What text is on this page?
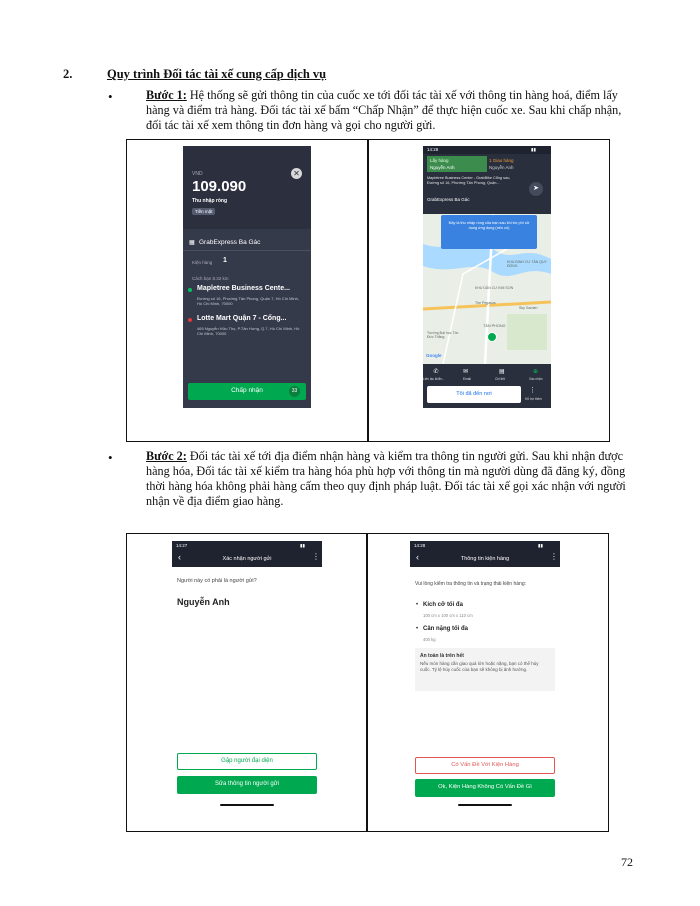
2.	Quy trình Đối tác tài xế cung cấp dịch vụ
•	Bước 1: Hệ thống sẽ gửi thông tin của cuốc xe tới đối tác tài xế với thông tin hàng hoá, điểm lấy
hàng và điểm trả hàng. Đối tác tài xế bấm “Chấp Nhận” để thực hiện cuốc xe. Sau khi chấp nhận,
đối tác tài xế xem thông tin đơn hàng và gọi cho người gửi.
VND
109.090
Thu nhập ròng
Tiền mặt
✕
▦ GrabExpress Ba Gác
Kiện hàng 1
Cách bạn 8.32 km
Mapletree Business Cente...
Đường số 16, Phường Tân Phong, Quận 7, Hồ Chí Minh, Hồ Chí Minh, 70000
Lotte Mart Quận 7 - Cổng...
469 Nguyễn Hữu Thọ, P.Tân Hưng, Q.7, Hồ Chí Minh, Hồ Chí Minh, 70000
Chấp nhận	33
14:28	▮▮
Lấy hàng
Nguyễn Anh
1 Giao hàng
Nguyễn Anh
Mapletree Business Center - GrabBike Cổng sau, Đường số 16, Phường Tân Phong, Quận...
GrabExpress Ba Gác
➤
Đây là thu nhập ròng của bạn sau khi trừ phí sử dụng ứng dụng (nếu có)
KHU ĐỊNH CƯ TÂN QUY ĐÔNG
KHU DÂN CƯ KIM SƠN
TÂN PHONG
The Pegasus
Trường Đại học Tôn Đức Thắng
Sky Garden
Google
✆
Liên lạc khẩn...
✉
Email
▤
Chi tiết
⊕
Xác nhận
Tôi đã đến nơi	⋮
Hỗ trợ thêm
•	Bước 2: Đối tác tài xế tới địa điểm nhận hàng và kiểm tra thông tin người gửi. Sau khi nhận được
hàng hóa, Đối tác tài xế kiểm tra hàng hóa phù hợp với thông tin mà người dùng đã đăng ký, đồng
thời hàng hóa không phải hàng cấm theo quy định pháp luật. Đối tác tài xế gọi xác nhận với người
nhận về địa điểm giao hàng.
14:27	▮▮
‹	Xác nhận người gửi	⋮
Người này có phải là người gửi?
Nguyễn Anh
Gặp người đại diện
Sửa thông tin người gửi
14:28	▮▮
‹	Thông tin kiện hàng	⋮
Vui lòng kiểm tra thông tin và trạng thái kiện hàng:
• Kích cỡ tối đa
100 cm x 100 cm x 110 cm
• Cân nặng tối đa
400 kg
An toàn là trên hết
Nếu món hàng cần giao quá lớn hoặc nặng, bạn có thể hủy cuốc. Tỷ lệ hủy cuốc của bạn sẽ không bị ảnh hưởng.
Có Vấn Đề Với Kiện Hàng
Ok, Kiện Hàng Không Có Vấn Đề Gì
72
